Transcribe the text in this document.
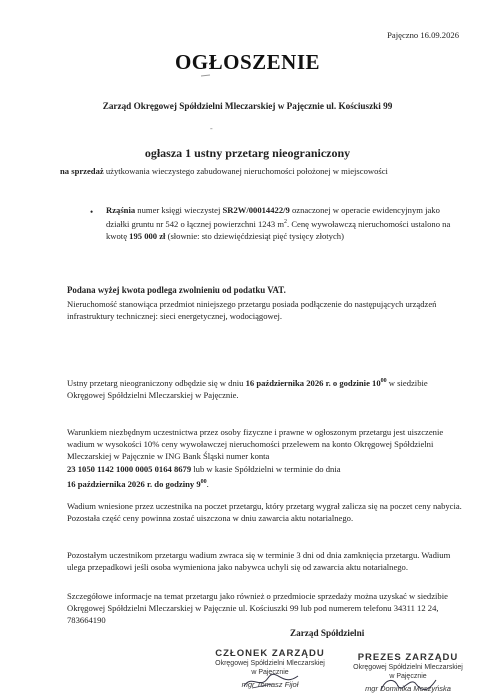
Pajęczno 16.09.2026
OGŁOSZENIE
Zarząd Okręgowej Spółdzielni Mleczarskiej w Pajęcznie ul. Kościuszki 99
‐
ogłasza 1 ustny przetarg nieograniczony
na sprzedaż użytkowania wieczystego zabudowanej nieruchomości położonej w miejscowości
• Rząśnia numer księgi wieczystej SR2W/00014422/9 oznaczonej w operacie ewidencyjnym jako działki gruntu nr 542 o łącznej powierzchni 1243 $m^2$. Cenę wywoławczą nieruchomości ustalono na kwotę 195 000 zł (słownie: sto dziewięćdziesiąt pięć tysięcy złotych)
Podana wyżej kwota podlega zwolnieniu od podatku VAT.
Nieruchomość stanowiąca przedmiot niniejszego przetargu posiada podłączenie do następujących urządzeń infrastruktury technicznej: sieci energetycznej, wodociągowej.
Ustny przetarg nieograniczony odbędzie się w dniu 16 października 2026 r. o godzinie $10^{00}$ w siedzibie Okręgowej Spółdzielni Mleczarskiej w Pajęcznie.
Warunkiem niezbędnym uczestnictwa przez osoby fizyczne i prawne w ogłoszonym przetargu jest uiszczenie wadium w wysokości 10% ceny wywoławczej nieruchomości przelewem na konto Okręgowej Spółdzielni Mleczarskiej w Pajęcznie w ING Bank Śląski numer konta
23 1050 1142 1000 0005 0164 8679 lub w kasie Spółdzielni w terminie do dnia
16 października 2026 r. do godziny $9^{00}$.
Wadium wniesione przez uczestnika na poczet przetargu, który przetarg wygrał zalicza się na poczet ceny nabycia. Pozostała część ceny powinna zostać uiszczona w dniu zawarcia aktu notarialnego.
Pozostałym uczestnikom przetargu wadium zwraca się w terminie 3 dni od dnia zamknięcia przetargu. Wadium ulega przepadkowi jeśli osoba wymieniona jako nabywca uchyli się od zawarcia aktu notarialnego.
Szczegółowe informacje na temat przetargu jako również o przedmiocie sprzedaży można uzyskać w siedzibie Okręgowej Spółdzielni Mleczarskiej w Pajęcznie ul. Kościuszki 99 lub pod numerem telefonu 34311 12 24, 783664190
Zarząd Spółdzielni
CZŁONEK ZARZĄDU
Okręgowej Spółdzielni Mleczarskiej
w Pajęcznie
mgr Tomasz Fijoł
PREZES ZARZĄDU
Okręgowej Spółdzielni Mleczarskiej
w Pajęcznie
mgr Dominika Moszyńska
